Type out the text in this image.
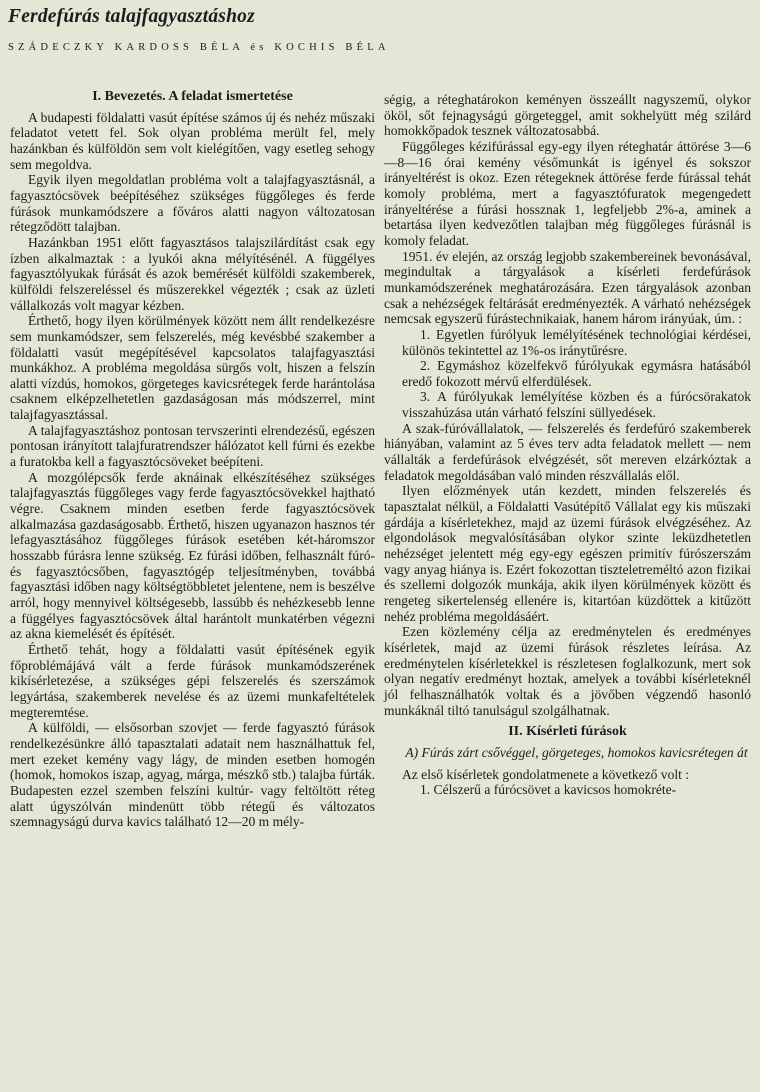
Ferdefúrás talajfagyasztáshoz
SZÁDECZKY KARDOSS BÉLA és KOCHIS BÉLA
I. Bevezetés. A feladat ismertetése

A budapesti földalatti vasút építése számos új és nehéz műszaki feladatot vetett fel. Sok olyan probléma merült fel, mely hazánkban és külföldön sem volt kielégítően, vagy esetleg sehogy sem megoldva.

Egyik ilyen megoldatlan probléma volt a talajfagyasztásnál, a fagyasztócsövek beépítéséhez szükséges függőleges és ferde fúrások munkamódszere a főváros alatti nagyon változatosan rétegződött talajban.

Hazánkban 1951 előtt fagyasztásos talajszilárdítást csak egy ízben alkalmaztak : a lyukói akna mélyítésénél. A függélyes fagyasztólyukak fúrását és azok bemérését külföldi szakemberek, külföldi felszereléssel és műszerekkel végezték ; csak az üzleti vállalkozás volt magyar kézben.

Érthető, hogy ilyen körülmények között nem állt rendelkezésre sem munkamódszer, sem felszerelés, még kevésbbé szakember a földalatti vasút megépítésével kapcsolatos talajfagyasztási munkákhoz. A probléma megoldása sürgős volt, hiszen a felszín alatti vízdús, homokos, görgeteges kavicsrétegek ferde harántolása csaknem elképzelhetetlen gazdaságosan más módszerrel, mint talajfagyasztással.

A talajfagyasztáshoz pontosan tervszerinti elrendezésű, egészen pontosan irányított talajfuratrendszer hálózatot kell fúrni és ezekbe a furatokba kell a fagyasztócsöveket beépíteni.

A mozgólépcsők ferde aknáinak elkészítéséhez szükséges talajfagyasztás függőleges vagy ferde fagyasztócsövekkel hajtható végre. Csaknem minden esetben ferde fagyasztócsövek alkalmazása gazdaságosabb. Érthető, hiszen ugyanazon hasznos tér lefagyasztásához függőleges fúrások esetében két-háromszor hosszabb fúrásra lenne szükség. Ez fúrási időben, felhasznált fúró- és fagyasztócsőben, fagyasztógép teljesítményben, továbbá fagyasztási időben nagy költségtöbbletet jelentene, nem is beszélve arról, hogy mennyivel költségesebb, lassúbb és nehézkesebb lenne a függélyes fagyasztócsövek által harántolt munkatérben végezni az akna kiemelését és építését.

Érthető tehát, hogy a földalatti vasút építésének egyik főproblémájává vált a ferde fúrások munkamódszerének kikísérletezése, a szükséges gépi felszerelés és szerszámok legyártása, szakemberek nevelése és az üzemi munkafeltételek megteremtése.

A külföldi, — elsősorban szovjet — ferde fagyasztó fúrások rendelkezésünkre álló tapasztalati adatait nem használhattuk fel, mert ezeket kemény vagy lágy, de minden esetben homogén (homok, homokos iszap, agyag, márga, mészkő stb.) talajba fúrták. Budapesten ezzel szemben felszíni kultúr- vagy feltöltött réteg alatt úgyszólván mindenütt több rétegű és változatos szemnagyságú durva kavics található 12—20 m mély-

ségig, a réteghatárokon keményen összeállt nagyszemű, olykor ököl, sőt fejnagyságú görgeteggel, amit sokhelyütt még szilárd homokkőpadok tesznek változatosabbá.

Függőleges kézifúrással egy-egy ilyen réteghatár áttörése 3—6—8—16 órai kemény vésőmunkát is igényel és sokszor irányeltérést is okoz. Ezen rétegeknek áttörése ferde fúrással tehát komoly probléma, mert a fagyasztófuratok megengedett irányeltérése a fúrási hossznak 1, legfeljebb 2%-a, aminek a betartása ilyen kedvezőtlen talajban még függőleges fúrásnál is komoly feladat.

1951. év elején, az ország legjobb szakembereinek bevonásával, megindultak a tárgyalások a kísérleti ferdefúrások munkamódszerének meghatározására. Ezen tárgyalások azonban csak a nehézségek feltárását eredményezték. A várható nehézségek nemcsak egyszerű fúrástechnikaiak, hanem három irányúak, úm. :

1. Egyetlen fúrólyuk lemélyítésének technológiai kérdései, különös tekintettel az 1%-os iránytűrésre.

2. Egymáshoz közelfekvő fúrólyukak egymásra hatásából eredő fokozott mérvű elferdülések.

3. A fúrólyukak lemélyítése közben és a fúrócsörakatok visszahúzása után várható felszíni süllyedések.

A szak-fúróvállalatok, — felszerelés és ferdefúró szakemberek hiányában, valamint az 5 éves terv adta feladatok mellett — nem vállalták a ferdefúrások elvégzését, sőt mereven elzárkóztak a feladatok megoldásában való minden részvállalás elől.

Ilyen előzmények után kezdett, minden felszerelés és tapasztalat nélkül, a Földalatti Vasútépítő Vállalat egy kis műszaki gárdája a kísérletekhez, majd az üzemi fúrások elvégzéséhez. Az elgondolások megvalósításában olykor szinte leküzdhetetlen nehézséget jelentett még egy-egy egészen primitív fúrószerszám vagy anyag hiánya is. Ezért fokozottan tiszteletreméltó azon fizikai és szellemi dolgozók munkája, akik ilyen körülmények között és rengeteg sikertelenség ellenére is, kitartóan küzdöttek a kitűzött nehéz probléma megoldásáért.

Ezen közlemény célja az eredménytelen és eredményes kísérletek, majd az üzemi fúrások részletes leírása. Az eredménytelen kísérletekkel is részletesen foglalkozunk, mert sok olyan negatív eredményt hoztak, amelyek a további kísérleteknél jól felhasználhatók voltak és a jövőben végzendő hasonló munkáknál tiltó tanulságul szolgálhatnak.

II. Kísérleti fúrások

A) Fúrás zárt csővéggel, görgeteges, homokos kavicsrétegen át

Az első kísérletek gondolatmenete a következő volt :

1. Célszerű a fúrócsövet a kavicsos homokréte-
